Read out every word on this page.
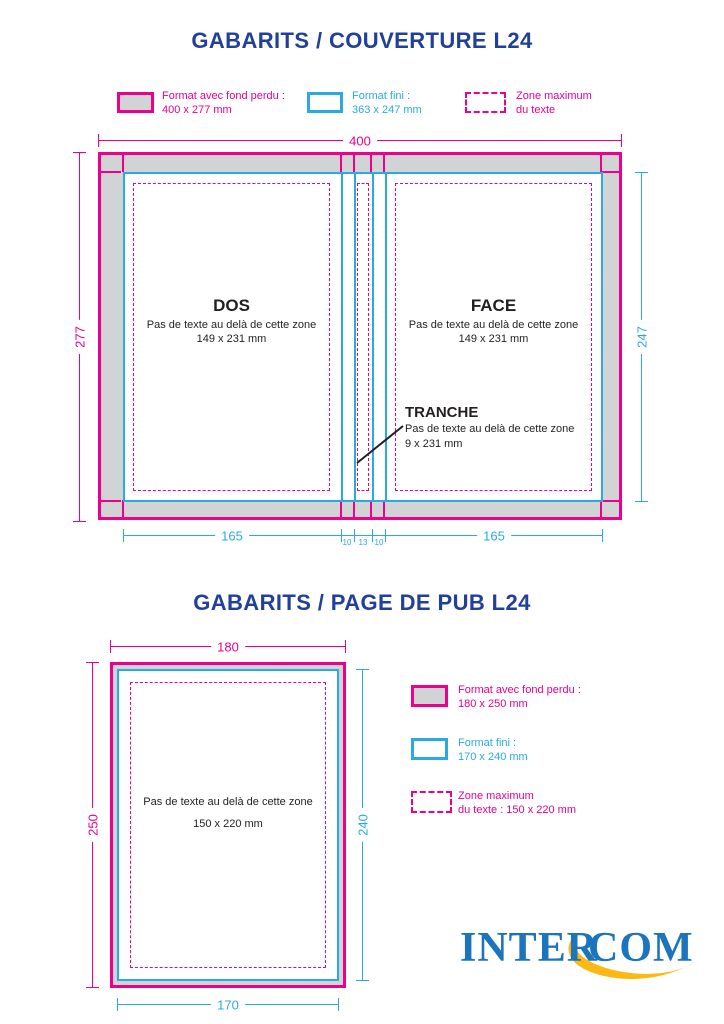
GABARITS / COUVERTURE L24
Format avec fond perdu :
400 x 277 mm
Format fini :
363 x 247 mm
Zone maximum
du texte
400
277
DOS
Pas de texte au delà de cette zone
149 x 231 mm
FACE
Pas de texte au delà de cette zone
149 x 231 mm
TRANCHE
Pas de texte au delà de cette zone
9 x 231 mm
247
165	165
10 13 10
GABARITS / PAGE DE PUB L24
180
250
Pas de texte au delà de cette zone
150 x 220 mm	240
170
Format avec fond perdu :
180 x 250 mm
Format fini :
170 x 240 mm
Zone maximum
du texte : 150 x 220 mm
INTER
COM
